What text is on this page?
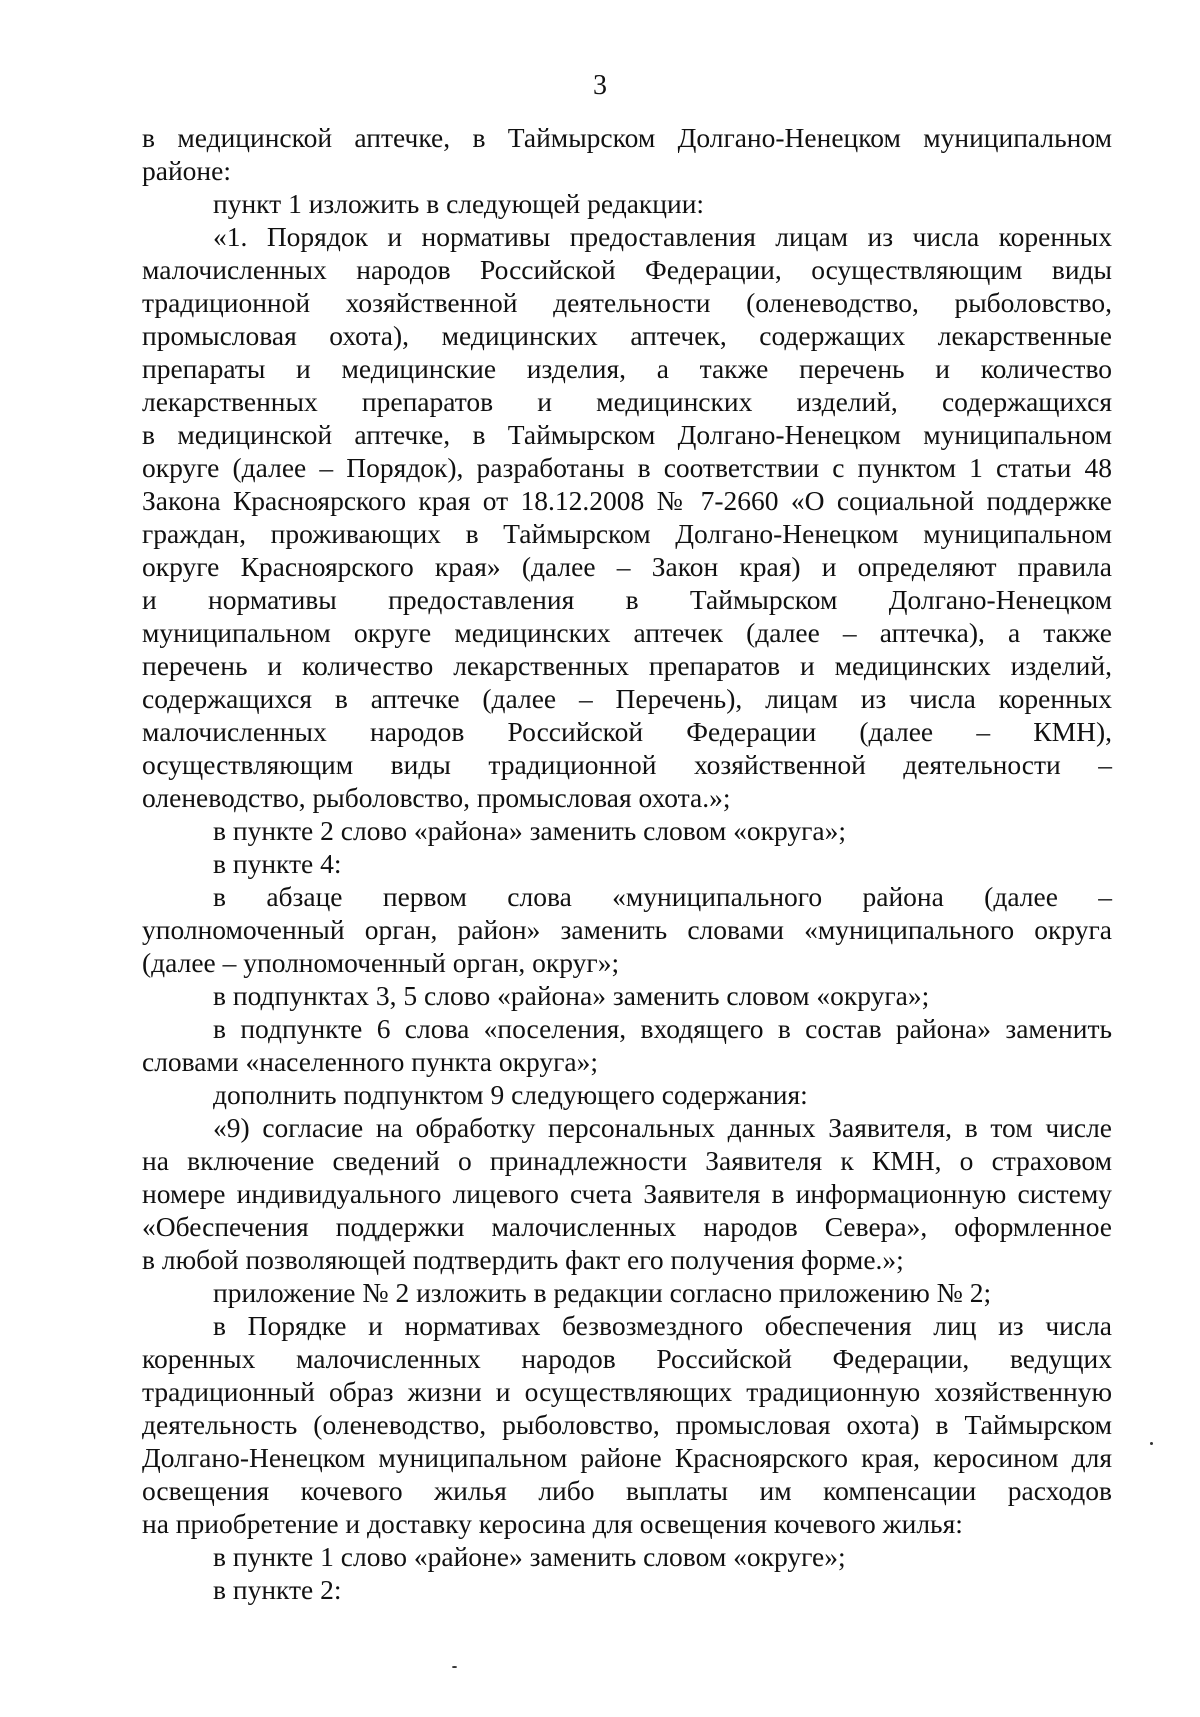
3
в медицинской аптечке, в Таймырском Долгано-Ненецком муниципальном
районе:
пункт 1 изложить в следующей редакции:
«1. Порядок и нормативы предоставления лицам из числа коренных
малочисленных народов Российской Федерации, осуществляющим виды
традиционной хозяйственной деятельности (оленеводство, рыболовство,
промысловая охота), медицинских аптечек, содержащих лекарственные
препараты и медицинские изделия, а также перечень и количество
лекарственных препаратов и медицинских изделий, содержащихся
в медицинской аптечке, в Таймырском Долгано-Ненецком муниципальном
округе (далее – Порядок), разработаны в соответствии с пунктом 1 статьи 48
Закона Красноярского края от 18.12.2008 № 7-2660 «О социальной поддержке
граждан, проживающих в Таймырском Долгано-Ненецком муниципальном
округе Красноярского края» (далее – Закон края) и определяют правила
и нормативы предоставления в Таймырском Долгано-Ненецком
муниципальном округе медицинских аптечек (далее – аптечка), а также
перечень и количество лекарственных препаратов и медицинских изделий,
содержащихся в аптечке (далее – Перечень), лицам из числа коренных
малочисленных народов Российской Федерации (далее – КМН),
осуществляющим виды традиционной хозяйственной деятельности –
оленеводство, рыболовство, промысловая охота.»;
в пункте 2 слово «района» заменить словом «округа»;
в пункте 4:
в абзаце первом слова «муниципального района (далее –
уполномоченный орган, район» заменить словами «муниципального округа
(далее – уполномоченный орган, округ»;
в подпунктах 3, 5 слово «района» заменить словом «округа»;
в подпункте 6 слова «поселения, входящего в состав района» заменить
словами «населенного пункта округа»;
дополнить подпунктом 9 следующего содержания:
«9) согласие на обработку персональных данных Заявителя, в том числе
на включение сведений о принадлежности Заявителя к КМН, о страховом
номере индивидуального лицевого счета Заявителя в информационную систему
«Обеспечения поддержки малочисленных народов Севера», оформленное
в любой позволяющей подтвердить факт его получения форме.»;
приложение № 2 изложить в редакции согласно приложению № 2;
в Порядке и нормативах безвозмездного обеспечения лиц из числа
коренных малочисленных народов Российской Федерации, ведущих
традиционный образ жизни и осуществляющих традиционную хозяйственную
деятельность (оленеводство, рыболовство, промысловая охота) в Таймырском
Долгано-Ненецком муниципальном районе Красноярского края, керосином для
освещения кочевого жилья либо выплаты им компенсации расходов
на приобретение и доставку керосина для освещения кочевого жилья:
в пункте 1 слово «районе» заменить словом «округе»;
в пункте 2:
